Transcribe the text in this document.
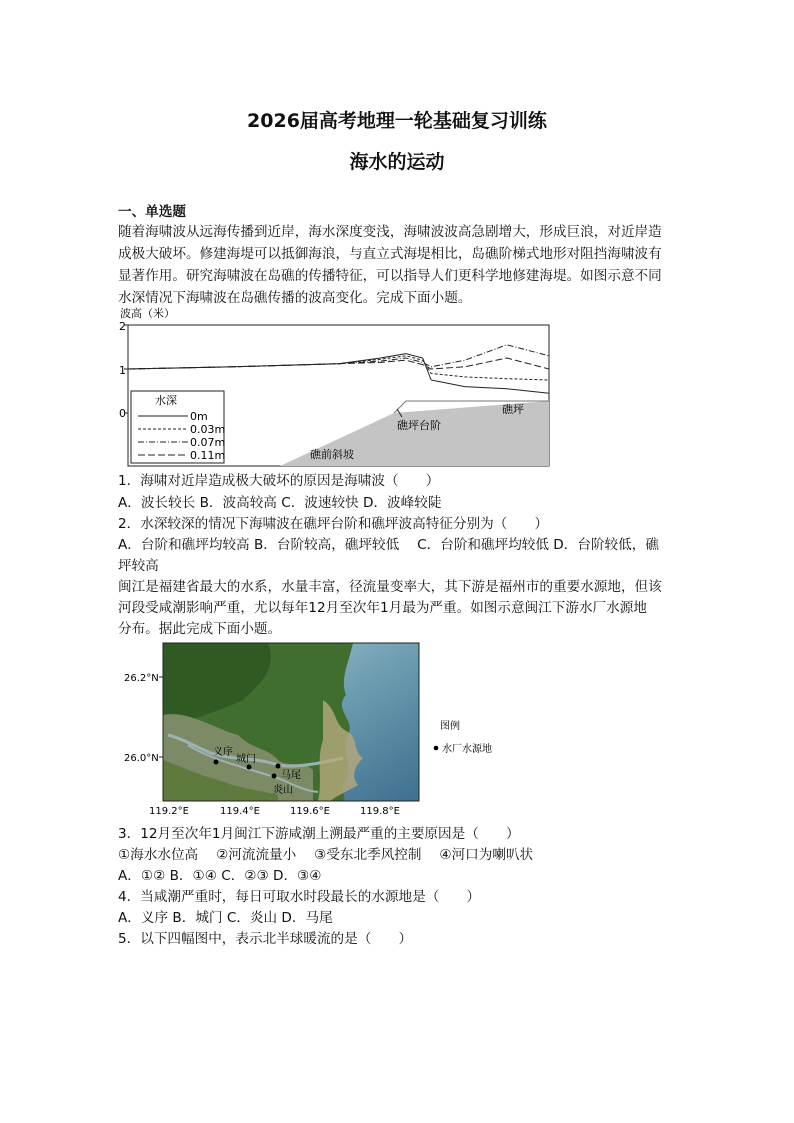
2026届高考地理一轮基础复习训练
海水的运动
一、单选题
随着海啸波从远海传播到近岸，海水深度变浅，海啸波波高急剧增大，形成巨浪，对近岸造
成极大破坏。修建海堤可以抵御海浪，与直立式海堤相比，岛礁阶梯式地形对阻挡海啸波有
显著作用。研究海啸波在岛礁的传播特征，可以指导人们更科学地修建海堤。如图示意不同
水深情况下海啸波在岛礁传播的波高变化。完成下面小题。
波高（米）
2
1
0
礁前斜坡
礁坪台阶
礁坪
水深
0m
0.03m
0.07m
0.11m
1．海啸对近岸造成极大破坏的原因是海啸波（　　）
A．波长较长 B．波高较高 C．波速较快 D．波峰较陡
2．水深较深的情况下海啸波在礁坪台阶和礁坪波高特征分别为（　　）
A．台阶和礁坪均较高 B．台阶较高，礁坪较低　 C．台阶和礁坪均较低 D．台阶较低，礁
坪较高
闽江是福建省最大的水系，水量丰富，径流量变率大，其下游是福州市的重要水源地，但该
河段受咸潮影响严重，尤以每年12月至次年1月最为严重。如图示意闽江下游水厂水源地
分布。据此完成下面小题。
26.2°N
26.0°N
119.2°E	119.4°E	119.6°E	119.8°E
义序
城门
马尾
炎山
图例
水厂水源地
3．12月至次年1月闽江下游咸潮上溯最严重的主要原因是（　　）
①海水水位高　 ②河流流量小　 ③受东北季风控制　 ④河口为喇叭状
A．①② B．①④ C．②③ D．③④
4．当咸潮严重时，每日可取水时段最长的水源地是（　　）
A．义序 B．城门 C．炎山 D．马尾
5．以下四幅图中，表示北半球暖流的是（　　）
